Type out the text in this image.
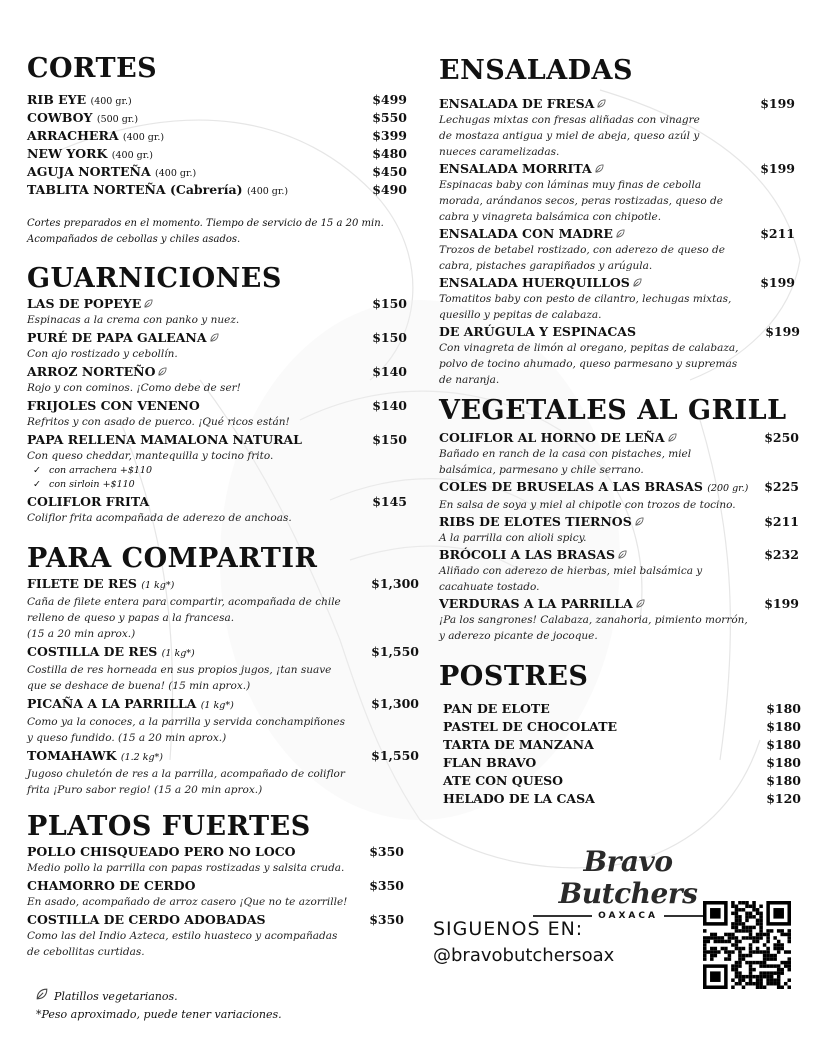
CORTES
RIB EYE (400 gr.)	$499
COWBOY (500 gr.)	$550
ARRACHERA (400 gr.)	$399
NEW YORK (400 gr.)	$480
AGUJA NORTEÑA (400 gr.)	$450
TABLITA NORTEÑA (Cabrería) (400 gr.)	$490
Cortes preparados en el momento. Tiempo de servicio de 15 a 20 min.
Acompañados de cebollas y chiles asados.
GUARNICIONES
LAS DE POPEYE	$150
Espinacas a la crema con panko y nuez.
PURÉ DE PAPA GALEANA	$150
Con ajo rostizado y cebollín.
ARROZ NORTEÑO	$140
Rojo y con cominos. ¡Como debe de ser!
FRIJOLES CON VENENO	$140
Refritos y con asado de puerco. ¡Qué ricos están!
PAPA RELLENA MAMALONA NATURAL	$150
Con queso cheddar, mantequilla y tocino frito.
✓ con arrachera +$110
✓ con sirloin +$110
COLIFLOR FRITA	$145
Coliflor frita acompañada de aderezo de anchoas.
PARA COMPARTIR
FILETE DE RES (1 kg*)	$1,300
Caña de filete entera para compartir, acompañada de chile
relleno de queso y papas a la francesa.
(15 a 20 min aprox.)
COSTILLA DE RES (1 kg*)	$1,550
Costilla de res horneada en sus propios jugos, ¡tan suave
que se deshace de buena! (15 min aprox.)
PICAÑA A LA PARRILLA (1 kg*)	$1,300
Como ya la conoces, a la parrilla y servida conchampiñones
y queso fundido. (15 a 20 min aprox.)
TOMAHAWK (1.2 kg*)	$1,550
Jugoso chuletón de res a la parrilla, acompañado de coliflor
frita ¡Puro sabor regio! (15 a 20 min aprox.)
PLATOS FUERTES
POLLO CHISQUEADO PERO NO LOCO	$350
Medio pollo la parrilla con papas rostizadas y salsita cruda.
CHAMORRO DE CERDO	$350
En asado, acompañado de arroz casero ¡Que no te azorrille!
COSTILLA DE CERDO ADOBADAS	$350
Como las del Indio Azteca, estilo huasteco y acompañadas
de cebollitas curtidas.
Platillos vegetarianos.
*Peso aproximado, puede tener variaciones.
ENSALADAS
ENSALADA DE FRESA	$199
Lechugas mixtas con fresas aliñadas con vinagre
de mostaza antigua y miel de abeja, queso azúl y
nueces caramelizadas.
ENSALADA MORRITA	$199
Espinacas baby con láminas muy finas de cebolla
morada, arándanos secos, peras rostizadas, queso de
cabra y vinagreta balsámica con chipotle.
ENSALADA CON MADRE	$211
Trozos de betabel rostizado, con aderezo de queso de
cabra, pistaches garapiñados y arúgula.
ENSALADA HUERQUILLOS	$199
Tomatitos baby con pesto de cilantro, lechugas mixtas,
quesillo y pepitas de calabaza.
DE ARÚGULA Y ESPINACAS	$199
Con vinagreta de limón al oregano, pepitas de calabaza,
polvo de tocino ahumado, queso parmesano y supremas
de naranja.
VEGETALES AL GRILL
COLIFLOR AL HORNO DE LEÑA	$250
Bañado en ranch de la casa con pistaches, miel
balsámica, parmesano y chile serrano.
COLES DE BRUSELAS A LAS BRASAS (200 gr.) $225
En salsa de soya y miel al chipotle con trozos de tocino.
RIBS DE ELOTES TIERNOS	$211
A la parrilla con alioli spicy.
BRÓCOLI A LAS BRASAS	$232
Aliñado con aderezo de hierbas, miel balsámica y
cacahuate tostado.
VERDURAS A LA PARRILLA	$199
¡Pa los sangrones! Calabaza, zanahoria, pimiento morrón,
y aderezo picante de jocoque.
POSTRES
PAN DE ELOTE	$180
PASTEL DE CHOCOLATE	$180
TARTA DE MANZANA	$180
FLAN BRAVO	$180
ATE CON QUESO	$180
HELADO DE LA CASA	$120
Bravo Butchers
OAXACA
SIGUENOS EN:
@bravobutchersoax
